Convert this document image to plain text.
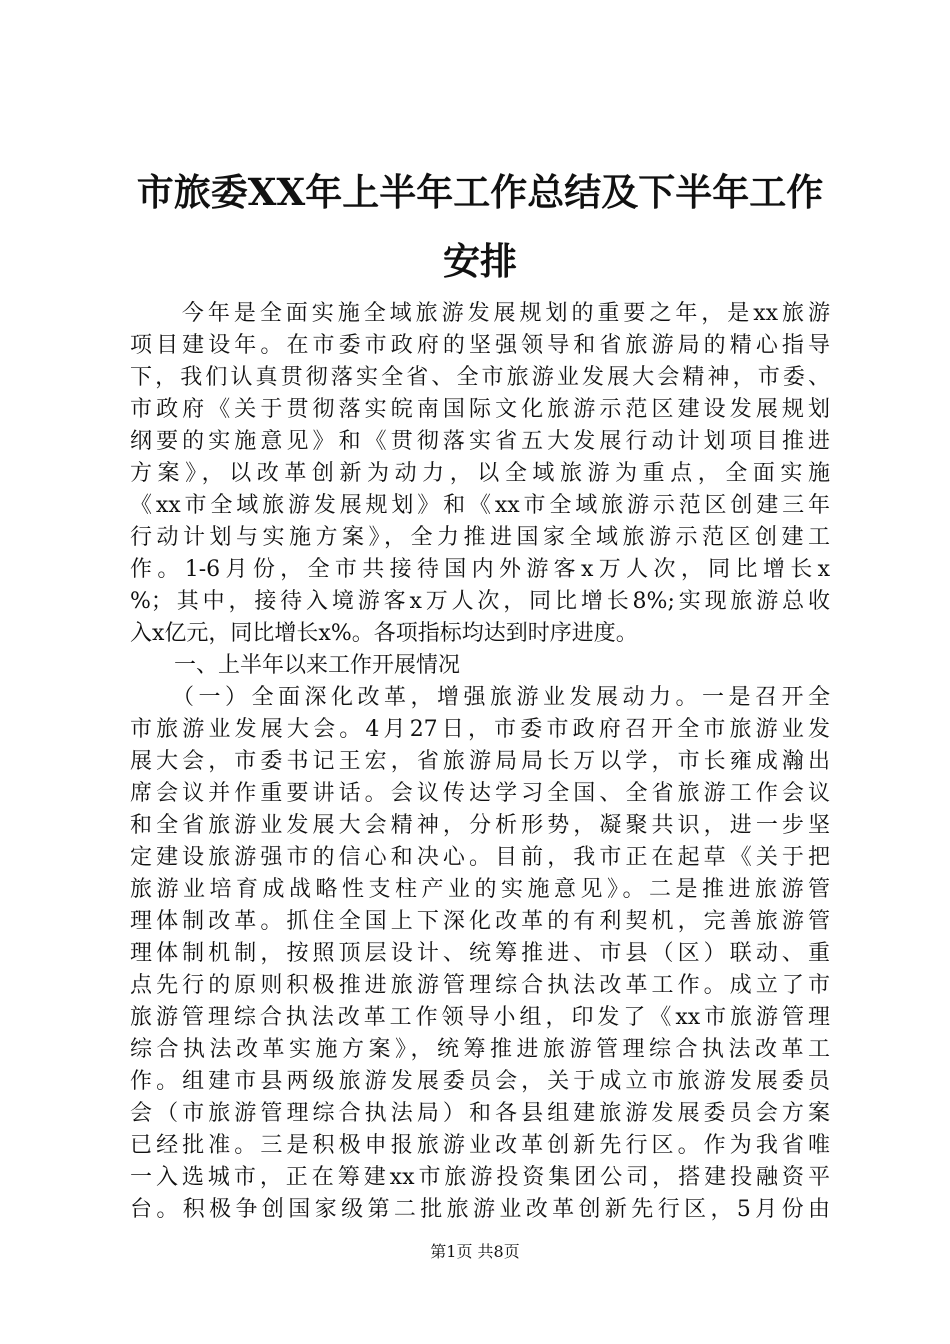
市旅委XX年上半年工作总结及下半年工作安排
　　今年是全面实施全域旅游发展规划的重要之年，是xx旅游
项目建设年。在市委市政府的坚强领导和省旅游局的精心指导
下，我们认真贯彻落实全省、全市旅游业发展大会精神，市委、
市政府《关于贯彻落实皖南国际文化旅游示范区建设发展规划
纲要的实施意见》和《贯彻落实省五大发展行动计划项目推进
方案》，以改革创新为动力，以全域旅游为重点，全面实施
《xx市全域旅游发展规划》和《xx市全域旅游示范区创建三年
行动计划与实施方案》，全力推进国家全域旅游示范区创建工
作。1-6月份，全市共接待国内外游客x万人次，同比增长x
%；其中，接待入境游客x万人次，同比增长8%;实现旅游总收
入x亿元，同比增长x%。各项指标均达到时序进度。
　　一、上半年以来工作开展情况
　　（一）全面深化改革，增强旅游业发展动力。一是召开全
市旅游业发展大会。4月27日，市委市政府召开全市旅游业发
展大会，市委书记王宏，省旅游局局长万以学，市长雍成瀚出
席会议并作重要讲话。会议传达学习全国、全省旅游工作会议
和全省旅游业发展大会精神，分析形势，凝聚共识，进一步坚
定建设旅游强市的信心和决心。目前，我市正在起草《关于把
旅游业培育成战略性支柱产业的实施意见》。二是推进旅游管
理体制改革。抓住全国上下深化改革的有利契机，完善旅游管
理体制机制，按照顶层设计、统筹推进、市县（区）联动、重
点先行的原则积极推进旅游管理综合执法改革工作。成立了市
旅游管理综合执法改革工作领导小组，印发了《xx市旅游管理
综合执法改革实施方案》，统筹推进旅游管理综合执法改革工
作。组建市县两级旅游发展委员会，关于成立市旅游发展委员
会（市旅游管理综合执法局）和各县组建旅游发展委员会方案
已经批准。三是积极申报旅游业改革创新先行区。作为我省唯
一入选城市，正在筹建xx市旅游投资集团公司，搭建投融资平
台。积极争创国家级第二批旅游业改革创新先行区，5月份由
第1页 共8页
